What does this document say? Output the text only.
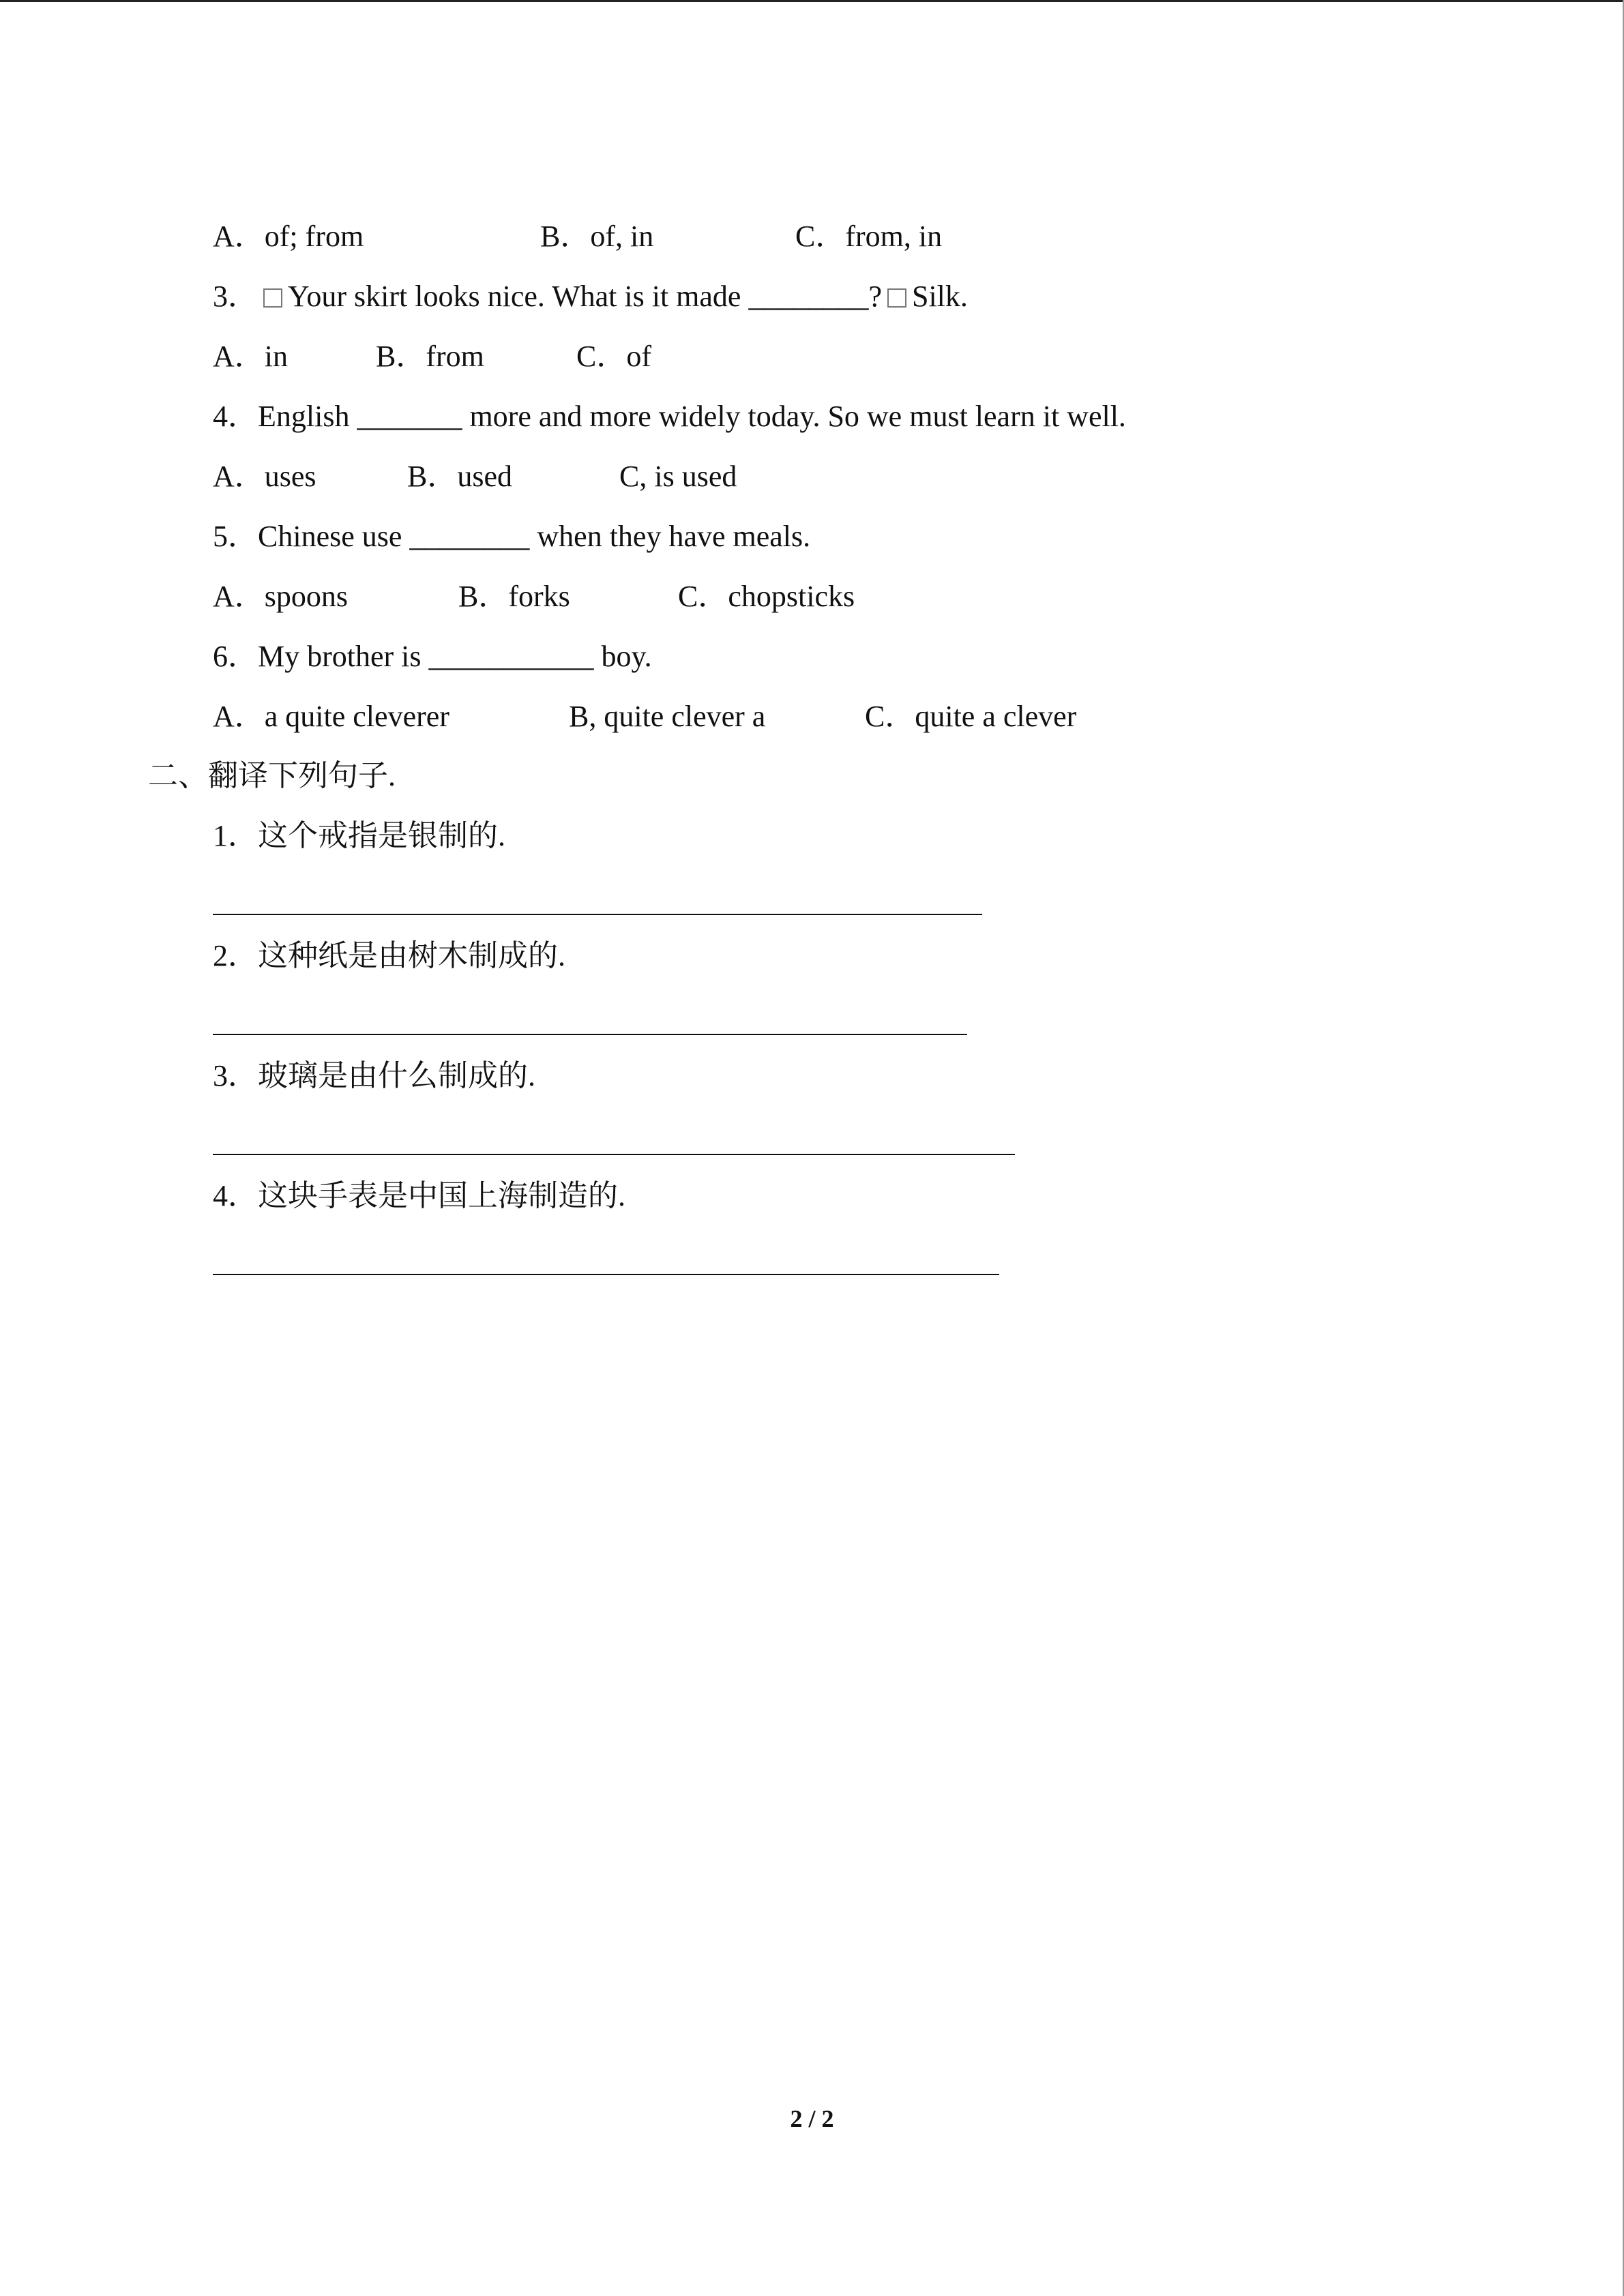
A．of; from	B．of, in	C．from, in
3． Your skirt looks nice. What is it made ________? Silk.
A．in	B．from	C．of
4．English _______ more and more widely today. So we must learn it well.
A．uses	B．used	C, is used
5．Chinese use ________ when they have meals.
A．spoons	B．forks	C．chopsticks
6．My brother is ___________ boy.
A．a quite cleverer	B, quite clever a	C．quite a clever
二、翻译下列句子.
1．这个戒指是银制的.
2．这种纸是由树木制成的.
3．玻璃是由什么制成的.
4．这块手表是中国上海制造的.
2 / 2
